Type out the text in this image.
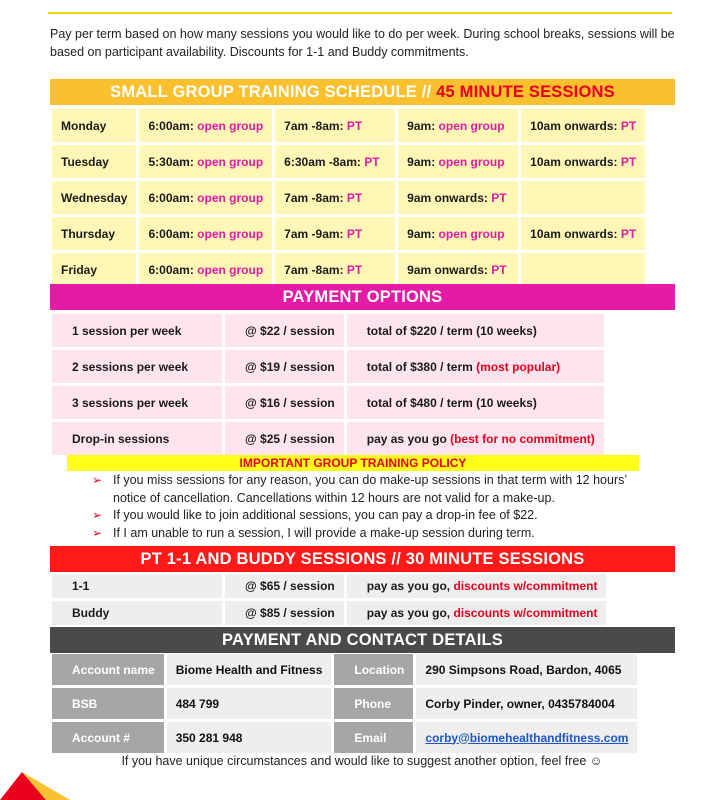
Pay per term based on how many sessions you would like to do per week. During school breaks, sessions will be based on participant availability. Discounts for 1-1 and Buddy commitments.
SMALL GROUP TRAINING SCHEDULE // 45 MINUTE SESSIONS
Monday	6:00am: open group	7am -8am: PT	9am: open group	10am onwards: PT
Tuesday	5:30am: open group	6:30am -8am: PT	9am: open group	10am onwards: PT
Wednesday	6:00am: open group	7am -8am: PT	9am onwards: PT	
Thursday	6:00am: open group	7am -9am: PT	9am: open group	10am onwards: PT
Friday	6:00am: open group	7am -8am: PT	9am onwards: PT	
PAYMENT OPTIONS
1 session per week	@ $22 / session	total of $220 / term (10 weeks)
2 sessions per week	@ $19 / session	total of $380 / term (most popular)
3 sessions per week	@ $16 / session	total of $480 / term (10 weeks)
Drop-in sessions	@ $25 / session	pay as you go (best for no commitment)
IMPORTANT GROUP TRAINING POLICY
➢ If you miss sessions for any reason, you can do make-up sessions in that term with 12 hours’ notice of cancellation. Cancellations within 12 hours are not valid for a make-up.
➢ If you would like to join additional sessions, you can pay a drop-in fee of $22.
➢ If I am unable to run a session, I will provide a make-up session during term.
PT 1-1 AND BUDDY SESSIONS // 30 MINUTE SESSIONS
1-1	@ $65 / session	pay as you go, discounts w/commitment
Buddy	@ $85 / session	pay as you go, discounts w/commitment
PAYMENT AND CONTACT DETAILS
Account name	Biome Health and Fitness	Location	290 Simpsons Road, Bardon, 4065
BSB	484 799	Phone	Corby Pinder, owner, 0435784004
Account #	350 281 948	Email	corby@biomehealthandfitness.com
If you have unique circumstances and would like to suggest another option, feel free ☺
